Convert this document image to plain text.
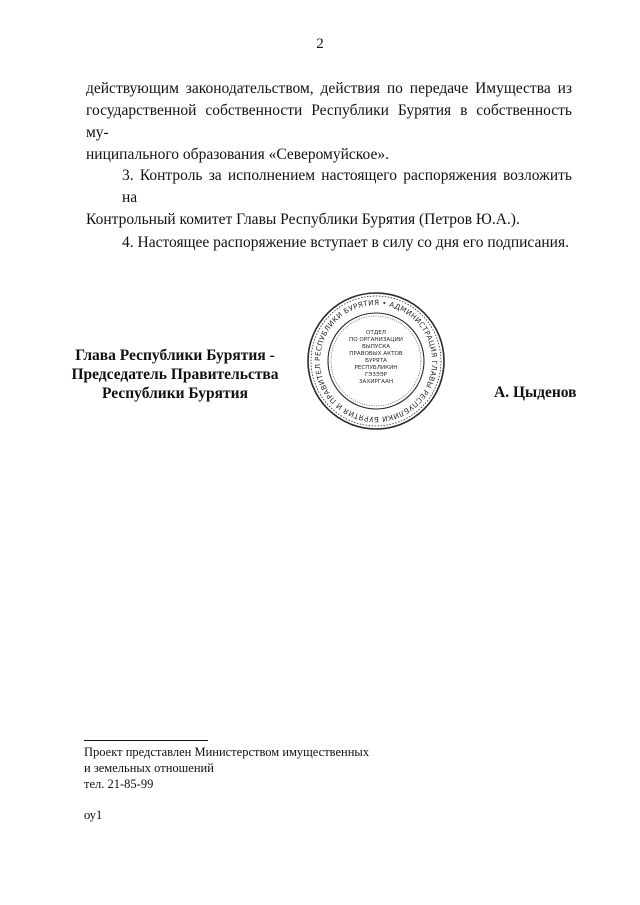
2
действующим законодательством, действия по передаче Имущества из
государственной собственности Республики Бурятия в собственность му-
ниципального образования «Северомуйское».
3. Контроль за исполнением настоящего распоряжения возложить на
Контрольный комитет Главы Республики Бурятия (Петров Ю.А.).
4. Настоящее распоряжение вступает в силу со дня его подписания.
Глава Республики Бурятия -
Председатель Правительства
Республики Бурятия
РЕСПУБЛИКИ БУРЯТИЯ • АДМИНИСТРАЦИЯ ГЛАВЫ РЕСПУБЛИКИ БУРЯТИЯ И ПРАВИТЕЛ
ОТДЕЛ
ПО ОРГАНИЗАЦИИ
ВЫПУСКА
ПРАВОВЫХ АКТОВ
БУРЯТА
РЕСПУБЛИКИН
ГЭЗЭЭР
ЗАХИРГААН
А. Цыденов
Проект представлен Министерством имущественных
и земельных отношений
тел. 21-85-99
оу1
